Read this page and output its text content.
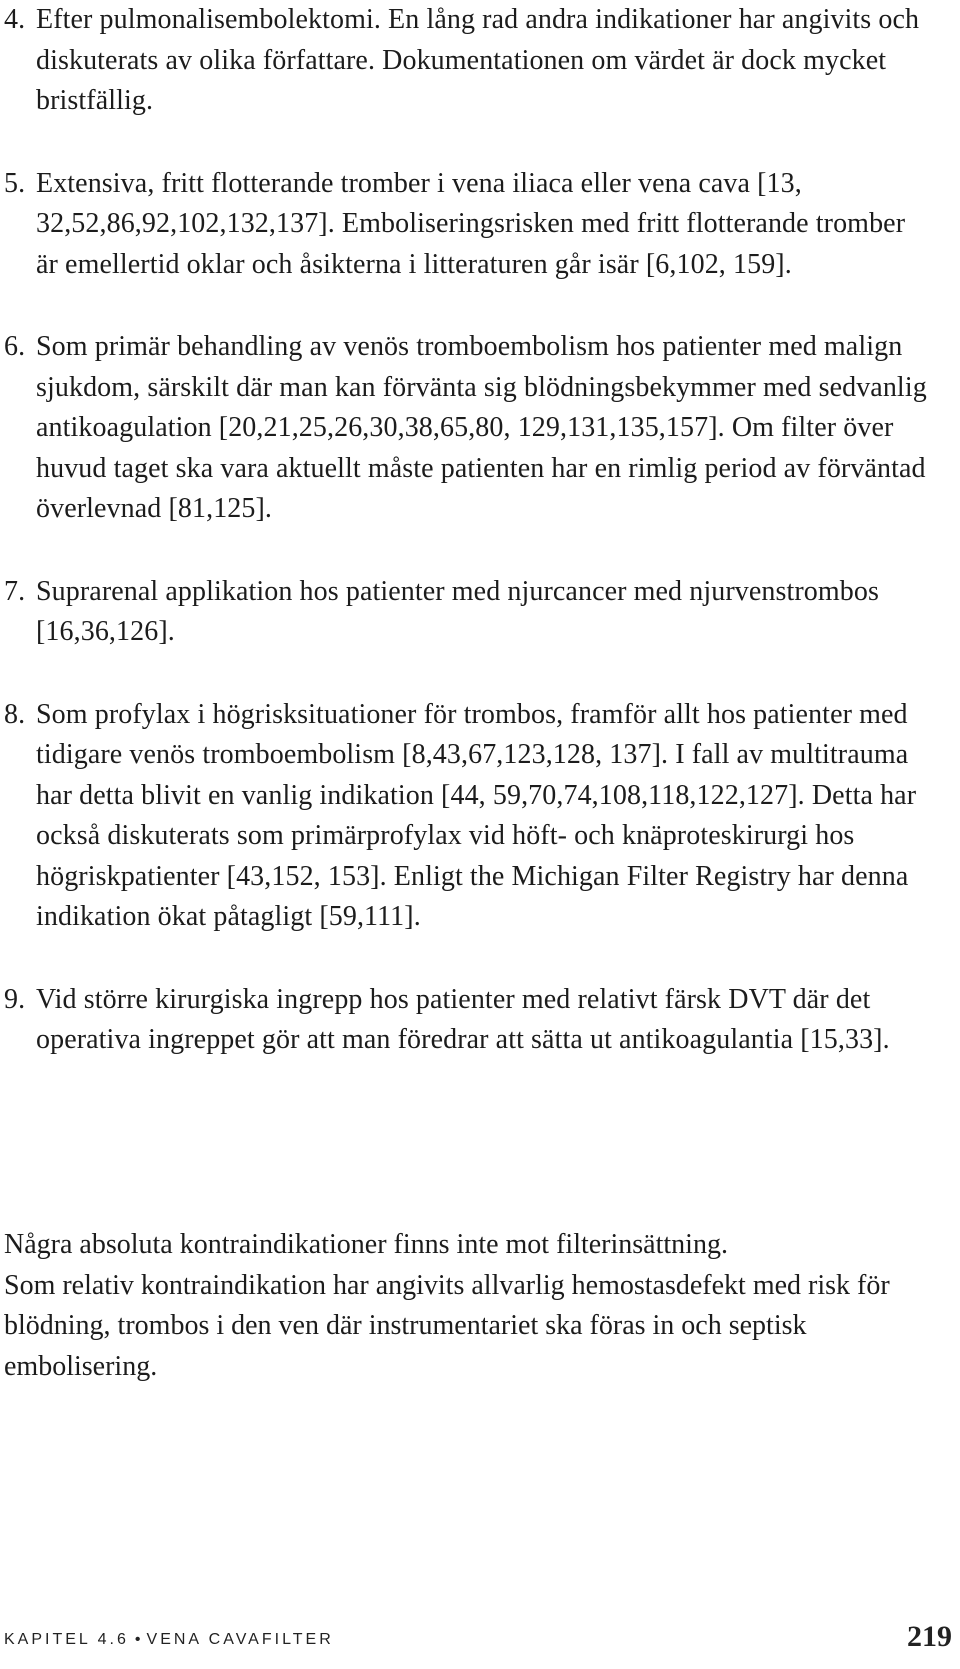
4. Efter pulmonalisembolektomi. En lång rad andra indikationer har angivits och diskuterats av olika författare. Dokumentationen om värdet är dock mycket bristfällig.
5. Extensiva, fritt flotterande tromber i vena iliaca eller vena cava [13, 32,52,86,92,102,132,137]. Emboliseringsrisken med fritt flotterande tromber är emellertid oklar och åsikterna i litteraturen går isär [6,102, 159].
6. Som primär behandling av venös tromboembolism hos patienter med malign sjukdom, särskilt där man kan förvänta sig blödningsbekymmer med sedvanlig antikoagulation [20,21,25,26,30,38,65,80, 129,131,135,157]. Om filter över huvud taget ska vara aktuellt måste patienten har en rimlig period av förväntad överlevnad [81,125].
7. Suprarenal applikation hos patienter med njurcancer med njurvenstrombos [16,36,126].
8. Som profylax i högrisksituationer för trombos, framför allt hos patienter med tidigare venös tromboembolism [8,43,67,123,128, 137]. I fall av multitrauma har detta blivit en vanlig indikation [44, 59,70,74,108,118,122,127]. Detta har också diskuterats som primärprofylax vid höft- och knäproteskirurgi hos högriskpatienter [43,152, 153]. Enligt the Michigan Filter Registry har denna indikation ökat påtagligt [59,111].
9. Vid större kirurgiska ingrepp hos patienter med relativt färsk DVT där det operativa ingreppet gör att man föredrar att sätta ut antikoagulantia [15,33].

Några absoluta kontraindikationer finns inte mot filterinsättning.

Som relativ kontraindikation har angivits allvarlig hemostasdefekt med risk för blödning, trombos i den ven där instrumentariet ska föras in och septisk embolisering.

KAPITEL 4.6 • VENA CAVAFILTER	219
